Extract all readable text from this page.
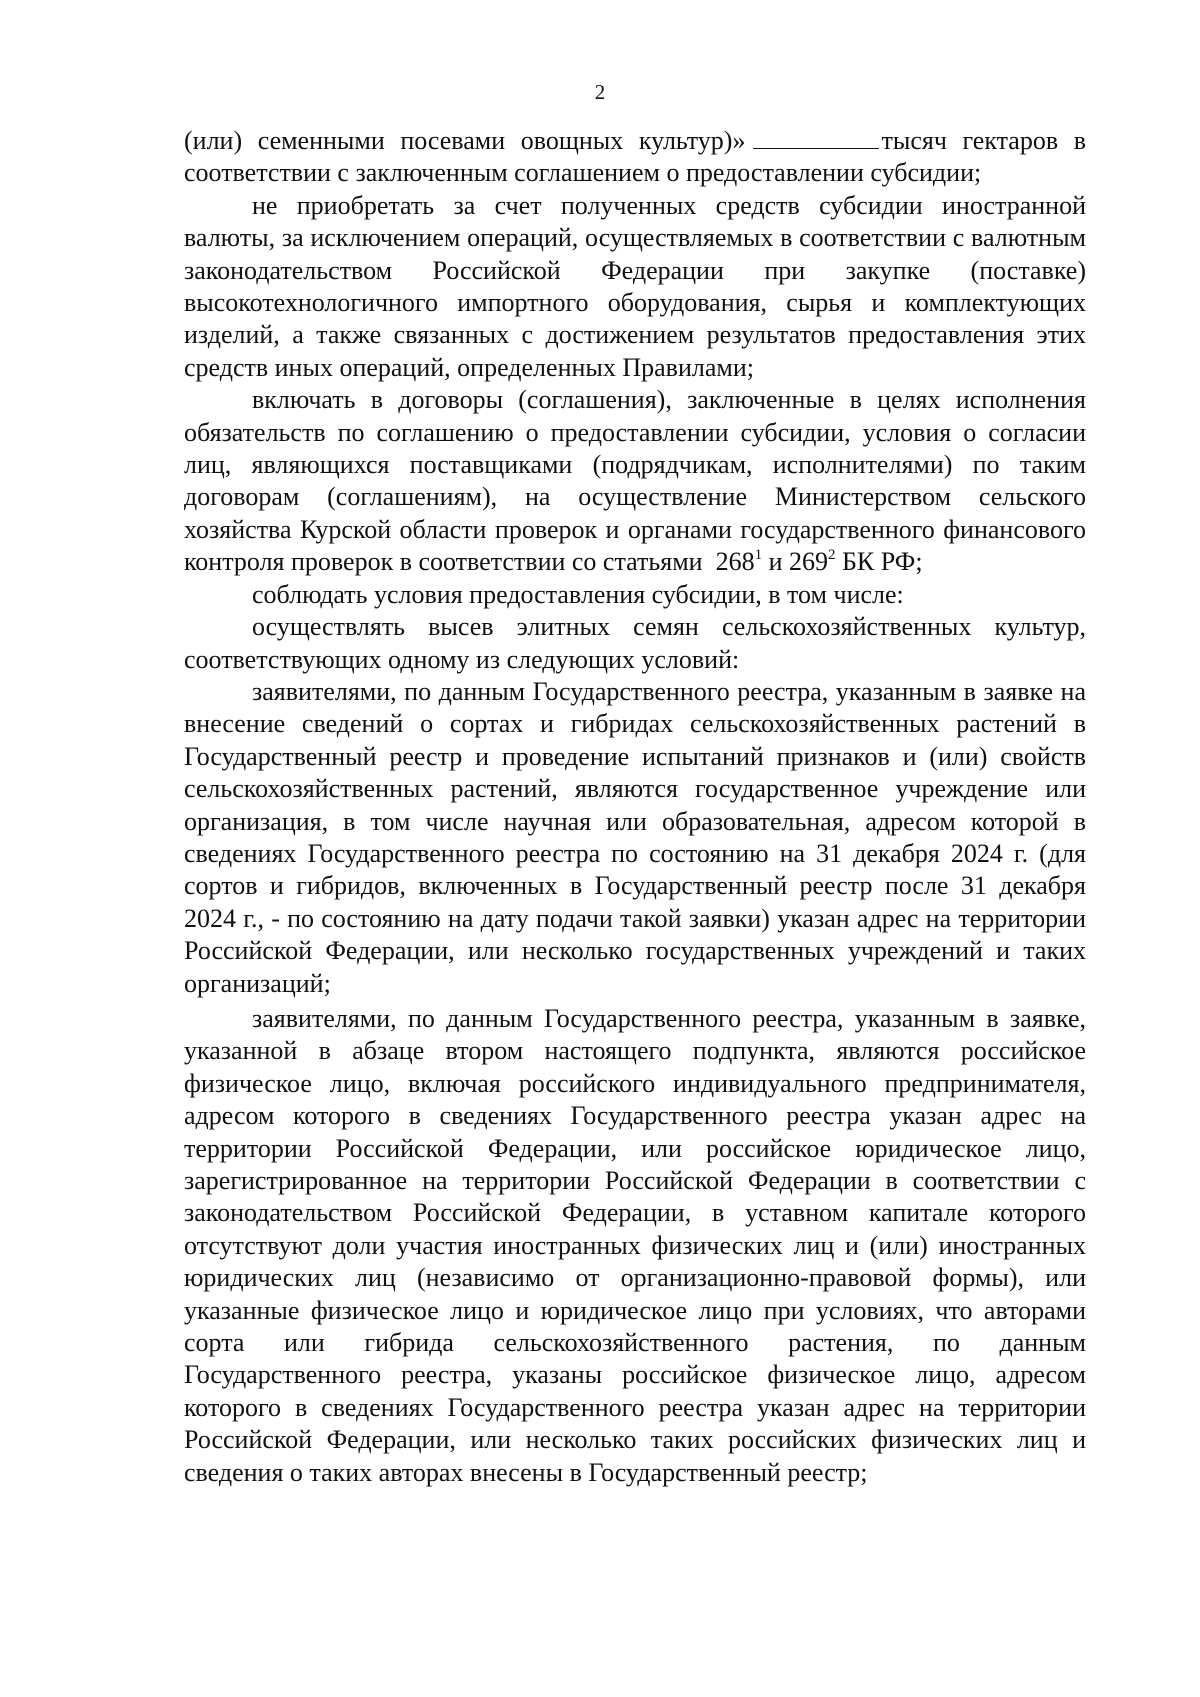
2

(или) семенными посевами овощных культур)»	тысяч гектаров в соответствии с заключенным соглашением о предоставлении субсидии;

не приобретать за счет полученных средств субсидии иностранной валюты, за исключением операций, осуществляемых в соответствии с валютным законодательством Российской Федерации при закупке (поставке) высокотехнологичного импортного оборудования, сырья и комплектующих изделий, а также связанных с достижением результатов предоставления этих средств иных операций, определенных Правилами;

включать в договоры (соглашения), заключенные в целях исполнения обязательств по соглашению о предоставлении субсидии, условия о согласии лиц, являющихся поставщиками (подрядчикам, исполнителями) по таким договорам (соглашениям), на осуществление Министерством сельского хозяйства Курской области проверок и органами государственного финансового контроля проверок в соответствии со статьями $268^1$ и $269^2$ БК РФ;

соблюдать условия предоставления субсидии, в том числе:

осуществлять высев элитных семян сельскохозяйственных культур, соответствующих одному из следующих условий:

заявителями, по данным Государственного реестра, указанным в заявке на внесение сведений о сортах и гибридах сельскохозяйственных растений в Государственный реестр и проведение испытаний признаков и (или) свойств сельскохозяйственных растений, являются государственное учреждение или организация, в том числе научная или образовательная, адресом которой в сведениях Государственного реестра по состоянию на 31 декабря 2024 г. (для сортов и гибридов, включенных в Государственный реестр после 31 декабря 2024 г., - по состоянию на дату подачи такой заявки) указан адрес на территории Российской Федерации, или несколько государственных учреждений и таких организаций;

заявителями, по данным Государственного реестра, указанным в заявке, указанной в абзаце втором настоящего подпункта, являются российское физическое лицо, включая российского индивидуального предпринимателя, адресом которого в сведениях Государственного реестра указан адрес на территории Российской Федерации, или российское юридическое лицо, зарегистрированное на территории Российской Федерации в соответствии с законодательством Российской Федерации, в уставном капитале которого отсутствуют доли участия иностранных физических лиц и (или) иностранных юридических лиц (независимо от организационно-правовой формы), или указанные физическое лицо и юридическое лицо при условиях, что авторами сорта или гибрида сельскохозяйственного растения, по данным Государственного реестра, указаны российское физическое лицо, адресом которого в сведениях Государственного реестра указан адрес на территории Российской Федерации, или несколько таких российских физических лиц и сведения о таких авторах внесены в Государственный реестр;
